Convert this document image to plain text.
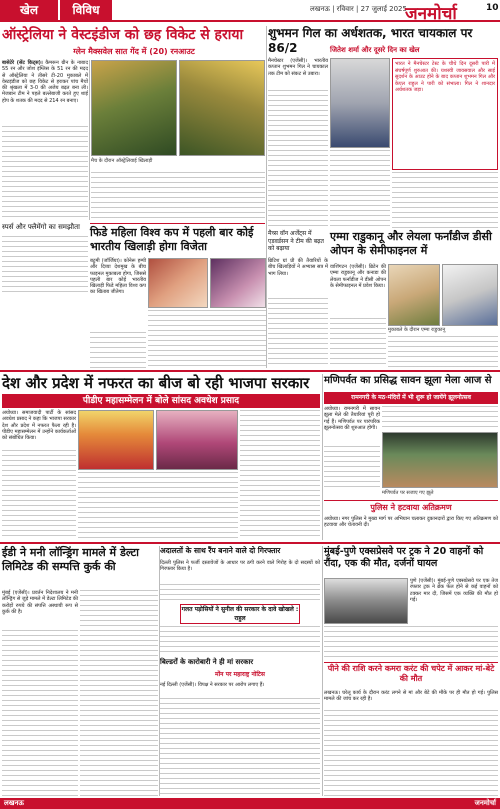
खेल	विविध	लखनऊ | रविवार | 27 जुलाई 2025
जनमोर्चा	10
ऑस्ट्रेलिया ने वेस्टइंडीज को छह विकेट से हराया
ग्लेन मैक्सवेल सात गेंद में (20) रनआउट
बासेटेरे (सेंट किट्स)। कैमरून ग्रीन के नाबाद 55 रन और जोश इंग्लिस के 51 रन की मदद से ऑस्ट्रेलिया ने तीसरे टी-20 मुकाबले में वेस्टइंडीज को छह विकेट से हराकर पांच मैचों की श्रृंखला में 3-0 की अजेय बढ़त बना ली। मेजबान टीम ने पहले बल्लेबाजी करते हुए शाई होप के शतक की मदद से 214 रन बनाए।
मैच के दौरान ऑस्ट्रेलियाई खिलाड़ी
स्पर्स और फ्लैमेंगो का समझौता
शुभमन गिल का अर्धशतक, भारत चायकाल पर 86/2	जितेश शर्मा और दूसरे दिन का खेल
मैनचेस्टर (एजेंसी)। भारतीय कप्तान शुभमन गिल ने चायकाल तक टीम को संकट से उबारा।
भारत ने मैनचेस्टर टेस्ट के चौथे दिन दूसरी पारी में संघर्षपूर्ण शुरुआत की। यशस्वी जायसवाल और साई सुदर्शन के आउट होने के बाद कप्तान शुभमन गिल और केएल राहुल ने पारी को संभाला। गिल ने शानदार अर्धशतक जड़ा।
फिडे महिला विश्व कप में पहली बार कोई भारतीय खिलाड़ी होगा विजेता
बटुमी (जॉर्जिया)। कोनेरू हम्पी और दिव्या देशमुख के बीच फाइनल मुकाबला होगा, जिससे पहली बार कोई भारतीय खिलाड़ी फिडे महिला विश्व कप का खिताब जीतेगा।
मैच्स वॉन अर्जेंट्स में एडवर्डसन ने टीम की बढ़त को बढ़ाया
ब्रिटिश ग्रां प्री की तैयारियों के बीच खिलाड़ियों ने अभ्यास सत्र में भाग लिया।
एम्मा राडुकानू और लेयला फर्नांडीज डीसी ओपन के सेमीफाइनल में
वाशिंगटन (एजेंसी)। ब्रिटेन की एम्मा राडुकानू और कनाडा की लेयला फर्नांडीज ने डीसी ओपन के सेमीफाइनल में प्रवेश किया।
मुकाबले के दौरान एम्मा राडुकानू
देश और प्रदेश में नफरत का बीज बो रही भाजपा सरकार
पीडीए महासम्मेलन में बोले सांसद अवधेश प्रसाद
अयोध्या। समाजवादी पार्टी के सांसद अवधेश प्रसाद ने कहा कि भाजपा सरकार देश और प्रदेश में नफरत फैला रही है। पीडीए महासम्मेलन में उन्होंने कार्यकर्ताओं को संबोधित किया।
मणिपर्वत का प्रसिद्ध सावन झूला मेला आज से
रामनगरी के मठ-मंदिरों में भी शुरू हो जायेंगे झूलनोत्सव
अयोध्या। रामनगरी में सावन झूला मेले की तैयारियां पूरी हो गई हैं। मणिपर्वत पर पारंपरिक झूलनोत्सव की शुरुआत होगी।
मणिपर्वत पर सजाए गए झूले
पुलिस ने हटवाया अतिक्रमण
अयोध्या। नगर पुलिस ने मुख्य मार्ग पर अभियान चलाकर दुकानदारों द्वारा किए गए अतिक्रमण को हटवाया और चेतावनी दी।
ईडी ने मनी लॉन्ड्रिंग मामले में डेल्टा लिमिटेड की सम्पत्ति कुर्क की
मुंबई (एजेंसी)। प्रवर्तन निदेशालय ने मनी लॉन्ड्रिंग से जुड़े मामले में डेल्टा लिमिटेड की करोड़ों रुपये की संपत्ति अस्थायी रूप से कुर्क की है।
अदालतों के साथ रैंप बनाने वाले दो गिरफ्तार
दिल्ली पुलिस ने फर्जी दस्तावेजों के आधार पर ठगी करने वाले गिरोह के दो सदस्यों को गिरफ्तार किया है।
गलत पड़ोसियों ने सुनील की सरकार के दावे खोखले : राहुल
बिल्डरों के कारोबारी ने ही मां सरकार
मोंन पर महाराष्ट्र नोटिस
नई दिल्ली (एजेंसी)। विपक्ष ने सरकार पर आरोप लगाए हैं।
मुंबई-पुणे एक्सप्रेसवे पर ट्रक ने 20 वाहनों को रौंदा, एक की मौत, दर्जनों घायल
पुणे (एजेंसी)। मुंबई-पुणे एक्सप्रेसवे पर एक तेज रफ्तार ट्रक ने ब्रेक फेल होने से कई वाहनों को टक्कर मार दी, जिसमें एक व्यक्ति की मौत हो गई।
पीने की राशि करने कमरा करंट की चपेट में आकर मां-बेटे की मौत
लखनऊ। घरेलू कार्य के दौरान करंट लगने से मां और बेटे की मौके पर ही मौत हो गई। पुलिस मामले की जांच कर रही है।
लखनऊ	जनमोर्चा
